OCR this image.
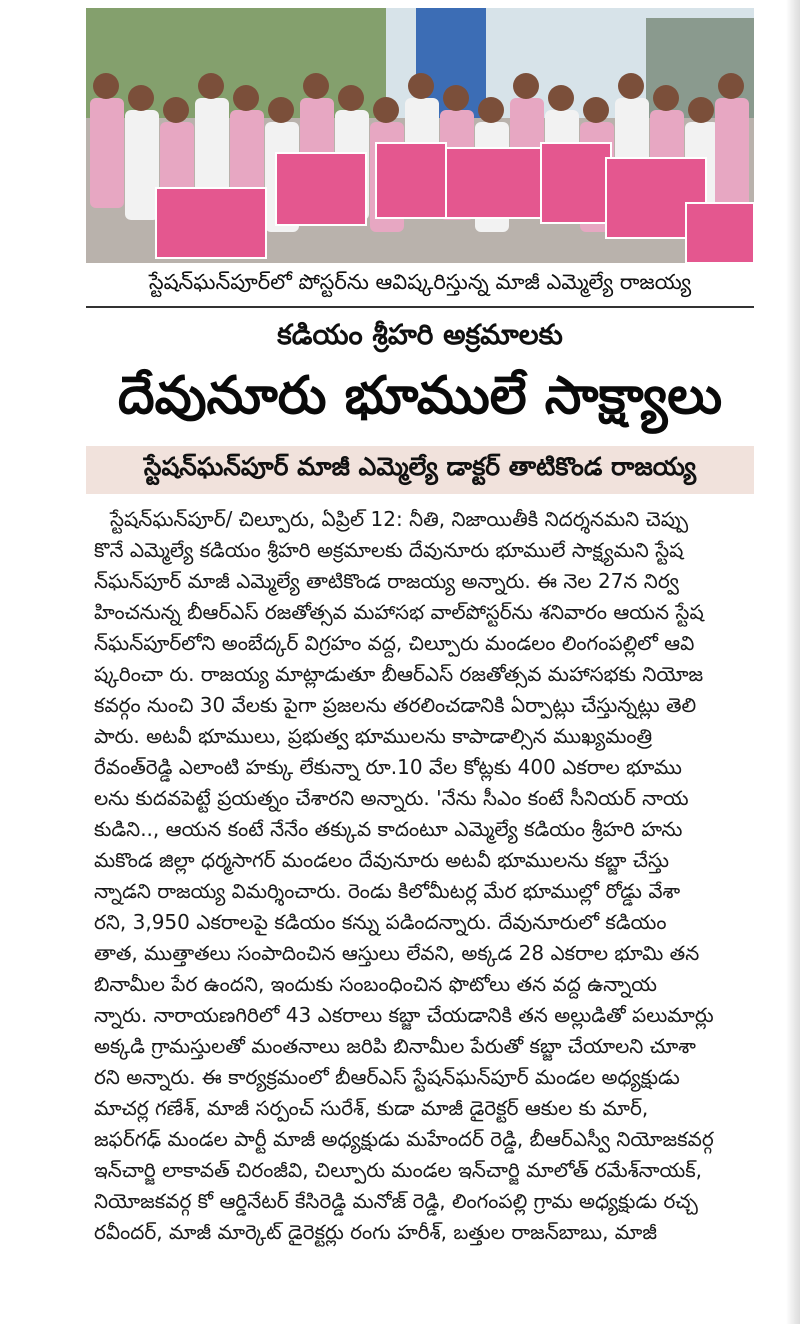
స్టేషన్‌ఘన్‌పూర్‌లో పోస్టర్‌ను ఆవిష్కరిస్తున్న మాజీ ఎమ్మెల్యే రాజయ్య
కడియం శ్రీహరి అక్రమాలకు
దేవునూరు భూములే సాక్ష్యాలు
స్టేషన్‌ఘన్‌పూర్ మాజీ ఎమ్మెల్యే డాక్టర్ తాటికొండ రాజయ్య
స్టేషన్‌ఘన్‌పూర్/ చిల్పూరు, ఏప్రిల్ 12: నీతి, నిజాయితీకి నిదర్శనమని చెప్పు
కొనే ఎమ్మెల్యే కడియం శ్రీహరి అక్రమాలకు దేవునూరు భూములే సాక్ష్యమని స్టేష
న్‌ఘన్‌పూర్ మాజీ ఎమ్మెల్యే తాటికొండ రాజయ్య అన్నారు. ఈ నెల 27న నిర్వ
హించనున్న బీఆర్‌ఎస్ రజతోత్సవ మహాసభ వాల్‌పోస్టర్‌ను శనివారం ఆయన స్టేష
న్‌ఘన్‌పూర్‌లోని అంబేద్కర్ విగ్రహం వద్ద, చిల్పూరు మండలం లింగంపల్లిలో ఆవి
ష్కరించా రు. రాజయ్య మాట్లాడుతూ బీఆర్‌ఎస్ రజతోత్సవ మహాసభకు నియోజ
కవర్గం నుంచి 30 వేలకు పైగా ప్రజలను తరలించడానికి ఏర్పాట్లు చేస్తున్నట్లు తెలి
పారు. అటవీ భూములు, ప్రభుత్వ భూములను కాపాడాల్సిన ముఖ్యమంత్రి
రేవంత్‌రెడ్డి ఎలాంటి హక్కు లేకున్నా రూ.10 వేల కోట్లకు 400 ఎకరాల భూము
లను కుదవపెట్టే ప్రయత్నం చేశారని అన్నారు. 'నేను సీఎం కంటే సీనియర్ నాయ
కుడిని.., ఆయన కంటే నేనేం తక్కువ కాదంటూ ఎమ్మెల్యే కడియం శ్రీహరి హను
మకొండ జిల్లా ధర్మసాగర్ మండలం దేవునూరు అటవీ భూములను కబ్జా చేస్తు
న్నాడని రాజయ్య విమర్శించారు. రెండు కిలోమీటర్ల మేర భూముల్లో రోడ్డు వేశా
రని, 3,950 ఎకరాలపై కడియం కన్ను పడిందన్నారు. దేవునూరులో కడియం
తాత, ముత్తాతలు సంపాదించిన ఆస్తులు లేవని, అక్కడ 28 ఎకరాల భూమి తన
బినామీల పేర ఉందని, ఇందుకు సంబంధించిన ఫొటోలు తన వద్ద ఉన్నాయ
న్నారు. నారాయణగిరిలో 43 ఎకరాలు కబ్జా చేయడానికి తన అల్లుడితో పలుమార్లు
అక్కడి గ్రామస్తులతో మంతనాలు జరిపి బినామీల పేరుతో కబ్జా చేయాలని చూశా
రని అన్నారు. ఈ కార్యక్రమంలో బీఆర్‌ఎస్ స్టేషన్‌ఘన్‌పూర్ మండల అధ్యక్షుడు
మాచర్ల గణేశ్, మాజీ సర్పంచ్ సురేశ్, కుడా మాజీ డైరెక్టర్ ఆకుల కు మార్,
జఫర్‌గఢ్ మండల పార్టీ మాజీ అధ్యక్షుడు మహేందర్ రెడ్డి, బీఆర్‌ఎస్వీ నియోజకవర్గ
ఇన్‌చార్జి లాకావత్ చిరంజీవి, చిల్పూరు మండల ఇన్‌చార్జి మాలోత్ రమేశ్‌నాయక్,
నియోజకవర్గ కో ఆర్డినేటర్ కేసిరెడ్డి మనోజ్ రెడ్డి, లింగంపల్లి గ్రామ అధ్యక్షుడు రచ్చ
రవీందర్, మాజీ మార్కెట్ డైరెక్టర్లు రంగు హరీశ్, బత్తుల రాజన్‌బాబు, మాజీ
